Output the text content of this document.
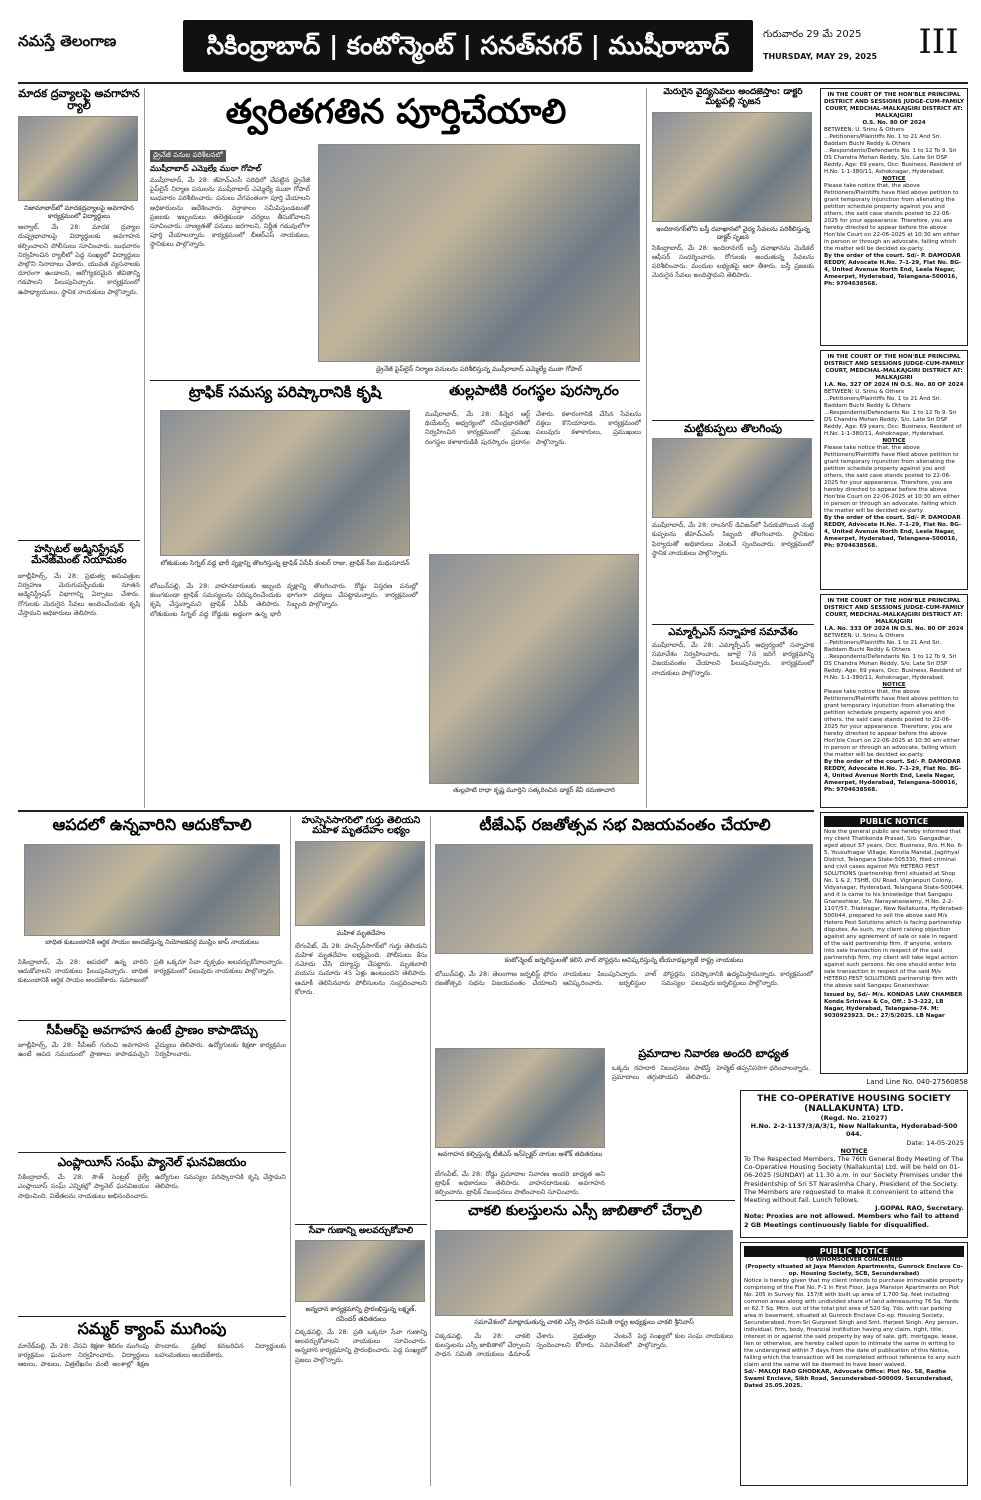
నమస్తే తెలంగాణ	సికింద్రాబాద్ | కంటోన్మెంట్ | సనత్‌నగర్ | ముషీరాబాద్	గురువారం 29 మే 2025
THURSDAY, MAY 29, 2025	III
మాదక ద్రవ్యాలపై అవగాహన ర్యాలీ
నిజామాబాద్‌లో మాదకద్రవ్యాలపై అవగాహన కార్యక్రమంలో విద్యార్థులు
అల్వాల్, మే 28: మాదక ద్రవ్యాల దుష్ప్రభావాలపై విద్యార్థులకు అవగాహన కల్పించాలని పోలీసులు సూచించారు. బుధవారం నిర్వహించిన ర్యాలీలో పెద్ద సంఖ్యలో విద్యార్థులు పాల్గొని నినాదాలు చేశారు. యువత వ్యసనాలకు దూరంగా ఉండాలని, ఆరోగ్యకరమైన జీవితాన్ని గడపాలని పిలుపునిచ్చారు. కార్యక్రమంలో ఉపాధ్యాయులు, స్థానిక నాయకులు పాల్గొన్నారు.
హస్పిటల్ అడ్మినిస్ట్రేషన్ మేనేజ్‌మెంట్ నియామకం
జూబ్లీహిల్స్, మే 28: ప్రభుత్వ ఆసుపత్రుల నిర్వహణ మెరుగుపర్చేందుకు నూతన అడ్మినిస్ట్రేషన్ విభాగాన్ని ఏర్పాటు చేశారు. రోగులకు మెరుగైన సేవలు అందించేందుకు కృషి చేస్తామని అధికారులు తెలిపారు.
త్వరితగతిన పూర్తిచేయాలి
డ్రైనేజీ పనుల పరిశీలనలో
ముషీరాబాద్ ఎమ్మెల్యే ముఠా గోపాల్
ముషీరాబాద్, మే 28: జీహెచ్‌ఎంసీ పరిధిలో చేపట్టిన డ్రైనేజీ పైప్‌లైన్ నిర్మాణ పనులను ముషీరాబాద్ ఎమ్మెల్యే ముఠా గోపాల్ బుధవారం పరిశీలించారు. పనులు వేగవంతంగా పూర్తి చేయాలని అధికారులను ఆదేశించారు. వర్షాకాలం సమీపిస్తుండటంతో ప్రజలకు ఇబ్బందులు తలెత్తకుండా చర్యలు తీసుకోవాలని సూచించారు. నాణ్యతతో పనులు జరగాలని, నిర్ణీత గడువులోగా పూర్తి చేయాలన్నారు. కార్యక్రమంలో బీఆర్ఎస్ నాయకులు, స్థానికులు పాల్గొన్నారు.
డ్రైనేజీ పైప్‌లైన్ నిర్మాణ పనులను పరిశీలిస్తున్న ముషీరాబాద్ ఎమ్మెల్యే ముఠా గోపాల్
ట్రాఫిక్ సమస్య పరిష్కారానికి కృషి
లోతుకుంట సిగ్నల్ వద్ద భారీ వృక్షాన్ని తొలగిస్తున్న ట్రాఫిక్ ఏసీపీ కంటర్ రాజు, ట్రాఫిక్ సీఐ మధుసూదన్
బోయిన్‌పల్లి, మే 28: వాహనదారులకు ఇబ్బంది కలుగకుండా ట్రాఫిక్ సమస్యలను పరిష్కరించేందుకు కృషి చేస్తున్నామని ట్రాఫిక్ ఏసీపీ తెలిపారు. లోతుకుంట సిగ్నల్ వద్ద రోడ్డుకు అడ్డంగా ఉన్న భారీ వృక్షాన్ని తొలగించారు. రోడ్డు విస్తరణ పనుల్లో భాగంగా చర్యలు చేపట్టామన్నారు. కార్యక్రమంలో సిబ్బంది పాల్గొన్నారు.
తుల్లపాటికి రంగస్థల పురస్కారం
ముషీరాబాద్, మే 28: కిన్నెర ఆర్ట్ థియేటర్స్ ఆధ్వర్యంలో రవీంద్రభారతిలో నిర్వహించిన కార్యక్రమంలో ప్రముఖ రంగస్థల కళాకారుడికి పురస్కారం ప్రదానం చేశారు. కళారంగానికి చేసిన సేవలను వక్తలు కొనియాడారు. కార్యక్రమంలో పలువురు కళాకారులు, ప్రముఖులు పాల్గొన్నారు.
తుల్లపాటి రాధా కృష్ణ మూర్తిని సత్కరించిన డాక్టర్ కేవీ రమణాచారి
మెరుగైన వైద్యసేవలు అందజేస్తాం: డాక్టర్ మిట్టపల్లి సృజన
ఇందిరానగర్‌లోని బస్తీ దవాఖానలో వైద్య సేవలను పరిశీలిస్తున్న డాక్టర్ సృజన
సికింద్రాబాద్, మే 28: ఇందిరానగర్ బస్తీ దవాఖానను మెడికల్ ఆఫీసర్ సందర్శించారు. రోగులకు అందుతున్న సేవలను పరిశీలించారు. మందుల లభ్యతపై ఆరా తీశారు. బస్తీ ప్రజలకు మెరుగైన సేవలు అందిస్తామని తెలిపారు.
మట్టికుప్పలు తొలగింపు
ముషీరాబాద్, మే 28: రాంనగర్ డివిజన్‌లో పేరుకుపోయిన మట్టి కుప్పలను జీహెచ్‌ఎంసీ సిబ్బంది తొలగించారు. స్థానికుల ఫిర్యాదుతో అధికారులు వెంటనే స్పందించారు. కార్యక్రమంలో స్థానిక నాయకులు పాల్గొన్నారు.
ఎమ్మార్పీఎస్ సన్నాహక సమావేశం
ముషీరాబాద్, మే 28: ఎమ్మార్పీఎస్ ఆధ్వర్యంలో సన్నాహక సమావేశం నిర్వహించారు. జూలై 7న జరిగే కార్యక్రమాన్ని విజయవంతం చేయాలని పిలుపునిచ్చారు. కార్యక్రమంలో నాయకులు పాల్గొన్నారు.
IN THE COURT OF THE HON'BLE PRINCIPAL DISTRICT AND SESSIONS JUDGE-CUM-FAMILY COURT, MEDCHAL-MALKAJGIRI DISTRICT AT: MALKAJGIRI
O.S. No. 80 OF 2024
BETWEEN: U. Srinu & Others ...Petitioners/Plaintiffs No. 1 to 21 And Sri. Baddam Buchi Reddy & Others ...Respondents/Defendants No. 1 to 12 To 9. Sri DS Chandra Mohan Reddy, S/o. Late Sri DSP Reddy, Age: 69 years, Occ: Business, Resident of H.No. 1-1-380/11, Ashoknagar, Hyderabad.
NOTICE
Please take notice that, the above Petitioners/Plaintiffs have filed above petition to grant temporary injunction from alienating the petition schedule property against you and others, the said case stands posted to 22-06-2025 for your appearance. Therefore, you are hereby directed to appear before the above Hon'ble Court on 22-06-2025 at 10:30 am either in person or through an advocate, failing which the matter will be decided ex-party.
By the order of the court. Sd/- P. DAMODAR REDDY, Advocate H.No. 7-1-29, Flat No. BG-4, United Avenue North End, Leela Nagar, Ameerpet, Hyderabad, Telangana-500016, Ph: 9704638568.
IN THE COURT OF THE HON'BLE PRINCIPAL DISTRICT AND SESSIONS JUDGE-CUM-FAMILY COURT, MEDCHAL-MALKAJGIRI DISTRICT AT: MALKAJGIRI
I.A. No. 327 OF 2024 IN O.S. No. 80 OF 2024
BETWEEN: U. Srinu & Others ...Petitioners/Plaintiffs No. 1 to 21 And Sri. Baddam Buchi Reddy & Others ...Respondents/Defendants No. 1 to 12 To 9. Sri DS Chandra Mohan Reddy, S/o. Late Sri DSP Reddy, Age: 69 years, Occ: Business, Resident of H.No. 1-1-380/11, Ashoknagar, Hyderabad.
NOTICE
Please take notice that, the above Petitioners/Plaintiffs have filed above petition to grant temporary injunction from alienating the petition schedule property against you and others, the said case stands posted to 22-06-2025 for your appearance. Therefore, you are hereby directed to appear before the above Hon'ble Court on 22-06-2025 at 10:30 am either in person or through an advocate, failing which the matter will be decided ex-party.
By the order of the court. Sd/- P. DAMODAR REDDY, Advocate H.No. 7-1-29, Flat No. BG-4, United Avenue North End, Leela Nagar, Ameerpet, Hyderabad, Telangana-500016, Ph: 9704638568.
IN THE COURT OF THE HON'BLE PRINCIPAL DISTRICT AND SESSIONS JUDGE-CUM-FAMILY COURT, MEDCHAL-MALKAJGIRI DISTRICT AT: MALKAJGIRI
I.A. No. 333 OF 2024 IN O.S. No. 80 OF 2024
BETWEEN: U. Srinu & Others ...Petitioners/Plaintiffs No. 1 to 21 And Sri. Baddam Buchi Reddy & Others ...Respondents/Defendants No. 1 to 12 To 9. Sri DS Chandra Mohan Reddy, S/o. Late Sri DSP Reddy, Age: 69 years, Occ: Business, Resident of H.No. 1-1-380/11, Ashoknagar, Hyderabad.
NOTICE
Please take notice that, the above Petitioners/Plaintiffs have filed above petition to grant temporary injunction from alienating the petition schedule property against you and others, the said case stands posted to 22-06-2025 for your appearance. Therefore, you are hereby directed to appear before the above Hon'ble Court on 22-06-2025 at 10:30 am either in person or through an advocate, failing which the matter will be decided ex-party.
By the order of the court. Sd/- P. DAMODAR REDDY, Advocate H.No. 7-1-29, Flat No. BG-4, United Avenue North End, Leela Nagar, Ameerpet, Hyderabad, Telangana-500016, Ph: 9704638568.
PUBLIC NOTICE
Now the general public are hereby informed that my client Thatikonda Prasad, S/o. Gangadhar, aged about 37 years, Occ: Business, R/o. H.No. 6-5, Yousufnagar Village, Korutla Mandal, Jagithyal District, Telangana State-505330, filed criminal and civil cases against M/s HETERO PEST SOLUTIONS (partnership firm) situated at Shop No. 1 & 2, TSHB, OU Road, Vignanpuri Colony, Vidyanagar, Hyderabad, Telangana State-500044, and it is came to his knowledge that Sangapu Gnaneshwar, S/o. Narayanaswamy, H.No. 2-2-1107/57, Tilaknagar, New Nallakunta, Hyderabad-500044, prepared to sell the above said M/s Hetero Pest Solutions which is facing partnership disputes. As such, my client raising objection against any agreement of sale or sale in regard of the said partnership firm. If anyone, enters into sale transaction in respect of the said partnership firm, my client will take legal action against such persons. No one should enter into sale transaction in respect of the said M/s HETERO PEST SOLUTIONS partnership firm with the above said Sangapu Gnaneshwar.
Issued by, Sd/- M/s. KONDAS LAW CHAMBER Konda Srinivas & Co, Off.: 3-3-222, LB Nagar, Hyderabad, Telangana-74. M: 9030923923. Dt.: 27/5/2025. LB Nagar
ఆపదలో ఉన్నవారిని ఆదుకోవాలి
బాధిత కుటుంబానికి ఆర్థిక సాయం అందజేస్తున్న నియోజకవర్గ ముస్లిం జాప్ నాయకులు
సికింద్రాబాద్, మే 28: ఆపదలో ఉన్న వారిని ఆదుకోవాలని నాయకులు పిలుపునిచ్చారు. బాధిత కుటుంబానికి ఆర్థిక సాయం అందజేశారు. సమాజంలో ప్రతి ఒక్కరూ సేవా దృక్పథం అలవర్చుకోవాలన్నారు. కార్యక్రమంలో పలువురు నాయకులు పాల్గొన్నారు.
సీపీఆర్‌పై అవగాహన ఉంటే ప్రాణం కాపాడొచ్చు
జూబ్లీహిల్స్, మే 28: సీపీఆర్ గురించి అవగాహన ఉంటే ఆపద సమయంలో ప్రాణాలు కాపాడవచ్చని వైద్యులు తెలిపారు. ఉద్యోగులకు శిక్షణా కార్యక్రమం నిర్వహించారు.
ఎంప్లాయీస్ సంఘ్ ప్యానెల్ ఘనవిజయం
సికింద్రాబాద్, మే 28: సౌత్ సెంట్రల్ రైల్వే ఎంప్లాయీస్ సంఘ్ ఎన్నికల్లో ప్యానెల్ ఘనవిజయం సాధించింది. విజేతలను నాయకులు అభినందించారు. ఉద్యోగుల సమస్యల పరిష్కారానికి కృషి చేస్తామని తెలిపారు.
సమ్మర్ క్యాంప్ ముగింపు
మారేడ్‌పల్లి, మే 28: వేసవి శిక్షణా శిబిరం ముగింపు కార్యక్రమం ఘనంగా నిర్వహించారు. విద్యార్థులు ఆటలు, పాటలు, చిత్రలేఖనం వంటి అంశాల్లో శిక్షణ పొందారు. ప్రతిభ కనబరిచిన విద్యార్థులకు బహుమతులు అందజేశారు.
హుస్సేన్‌సాగర్‌లో గుర్తు తెలియని మహిళ మృతదేహం లభ్యం
మహిళ మృతదేహం
బేగంపేట్, మే 28: హుస్సేన్‌సాగర్‌లో గుర్తు తెలియని మహిళ మృతదేహం లభ్యమైంది. పోలీసులు కేసు నమోదు చేసి దర్యాప్తు చేపట్టారు. మృతురాలి వయసు సుమారు 45 ఏళ్లు ఉంటుందని తెలిపారు. ఆచూకీ తెలిసినవారు పోలీసులను సంప్రదించాలని కోరారు.
సేవా గుణాన్ని అలవర్చుకోవాలి
అన్నదాన కార్యక్రమాన్ని ప్రారంభిస్తున్న లక్ష్మణ్, రవీందర్ తదితరులు
చిక్కడపల్లి, మే 28: ప్రతి ఒక్కరూ సేవా గుణాన్ని అలవర్చుకోవాలని నాయకులు సూచించారు. అన్నదాన కార్యక్రమాన్ని ప్రారంభించారు. పెద్ద సంఖ్యలో ప్రజలు పాల్గొన్నారు.
టీజేఎఫ్ రజతోత్సవ సభ విజయవంతం చేయాలి
కంటోన్మెంట్ జర్నలిస్టులతో కలిసి వాల్ పోస్టర్లను ఆవిష్కరిస్తున్న టీయూడబ్ల్యూజే రాష్ట్ర నాయకులు
బోయిన్‌పల్లి, మే 28: తెలంగాణ జర్నలిస్ట్ ఫోరం రజతోత్సవ సభను విజయవంతం చేయాలని నాయకులు పిలుపునిచ్చారు. వాల్ పోస్టర్లను ఆవిష్కరించారు. జర్నలిస్టుల సమస్యల పరిష్కారానికి ఉద్యమిస్తామన్నారు. కార్యక్రమంలో పలువురు జర్నలిస్టులు పాల్గొన్నారు.
అవగాహన కల్పిస్తున్న టీజీఎస్ ఇన్‌స్పెక్టర్ నాగుల ఆశోక్ తదితరులు
బేగంపేట్, మే 28: రోడ్డు ప్రమాదాల నివారణ అందరి బాధ్యత అని ట్రాఫిక్ అధికారులు తెలిపారు. వాహనదారులకు అవగాహన కల్పించారు. ట్రాఫిక్ నిబంధనలు పాటించాలని సూచించారు.
ప్రమాదాల నివారణ అందరి బాధ్యత
ఒక్కరు రహదారి నిబంధనలు పాటిస్తే ప్రమాదాలు తగ్గుతాయని తెలిపారు. హెల్మెట్ తప్పనిసరిగా ధరించాలన్నారు.
చాకలి కులస్తులను ఎస్సీ జాబితాలో చేర్చాలి
సమావేశంలో మాట్లాడుతున్న చాకలి ఎస్సీ సాధన సమితి రాష్ట్ర అధ్యక్షులు చాకలి శ్రీనివాస్
చిక్కడపల్లి, మే 28: చాకలి కులస్తులను ఎస్సీ జాబితాలో చేర్చాలని సాధన సమితి నాయకులు డిమాండ్ చేశారు. ప్రభుత్వం వెంటనే స్పందించాలని కోరారు. సమావేశంలో పెద్ద సంఖ్యలో కుల సంఘ నాయకులు పాల్గొన్నారు.
Land Line No. 040-27560858
THE CO-OPERATIVE HOUSING SOCIETY (NALLAKUNTA) LTD.
(Regd. No. 21027)
H.No. 2-2-1137/3/A/3/1, New Nallakunta, Hyderabad-500 044.
Date: 14-05-2025
NOTICE
To The Respected Members, The 76th General Body Meeting of The Co-Operative Housing Society (Nallakunta) Ltd. will be held on 01-06-2025 (SUNDAY) at 11.30 a.m. in our Society Premises under the Presidentship of Sri ST Narasimha Chary, President of the Society. The Members are requested to make it convenient to attend the Meeting without fail. Lunch follows.
J.GOPAL RAO, Secretary.
Note: Proxies are not allowed. Members who fail to attend 2 GB Meetings continuously liable for disqualified.
PUBLIC NOTICE
TO WHOMSOEVER CONCERNED
(Property situated at Jaya Mansion Apartments, Gunrock Enclave Co-op. Housing Society, SCB, Secunderabad)
Notice is hereby given that my client intends to purchase immovable property comprising of the Flat No. F-1 in First Floor, Jaya Mansion Apartments on Plot No. 205 in Survey No. 157/8 with built up area of 1,700 Sq. feet including common areas along with undivided share of land admeasuring 76 Sq. Yards or 62.7 Sq. Mtrs. out of the total plot area of 520 Sq. Yds. with car parking area in basement, situated at Gunrock Enclave Co-op. Housing Society, Secunderabad, from Sri Gurpreet Singh and Smt. Harjeet Singh. Any person, individual, firm, body, financial institution having any claim, right, title, interest in or against the said property by way of sale, gift, mortgage, lease, lien or otherwise, are hereby called upon to intimate the same in writing to the undersigned within 7 days from the date of publication of this Notice, failing which the transaction will be completed without reference to any such claim and the same will be deemed to have been waived.
Sd/- MALOJI RAO GHODKAR, Advocate Office: Plot No. 58, Radha Swami Enclave, Sikh Road, Secunderabad-500009. Secunderabad, Dated 25.05.2025.
